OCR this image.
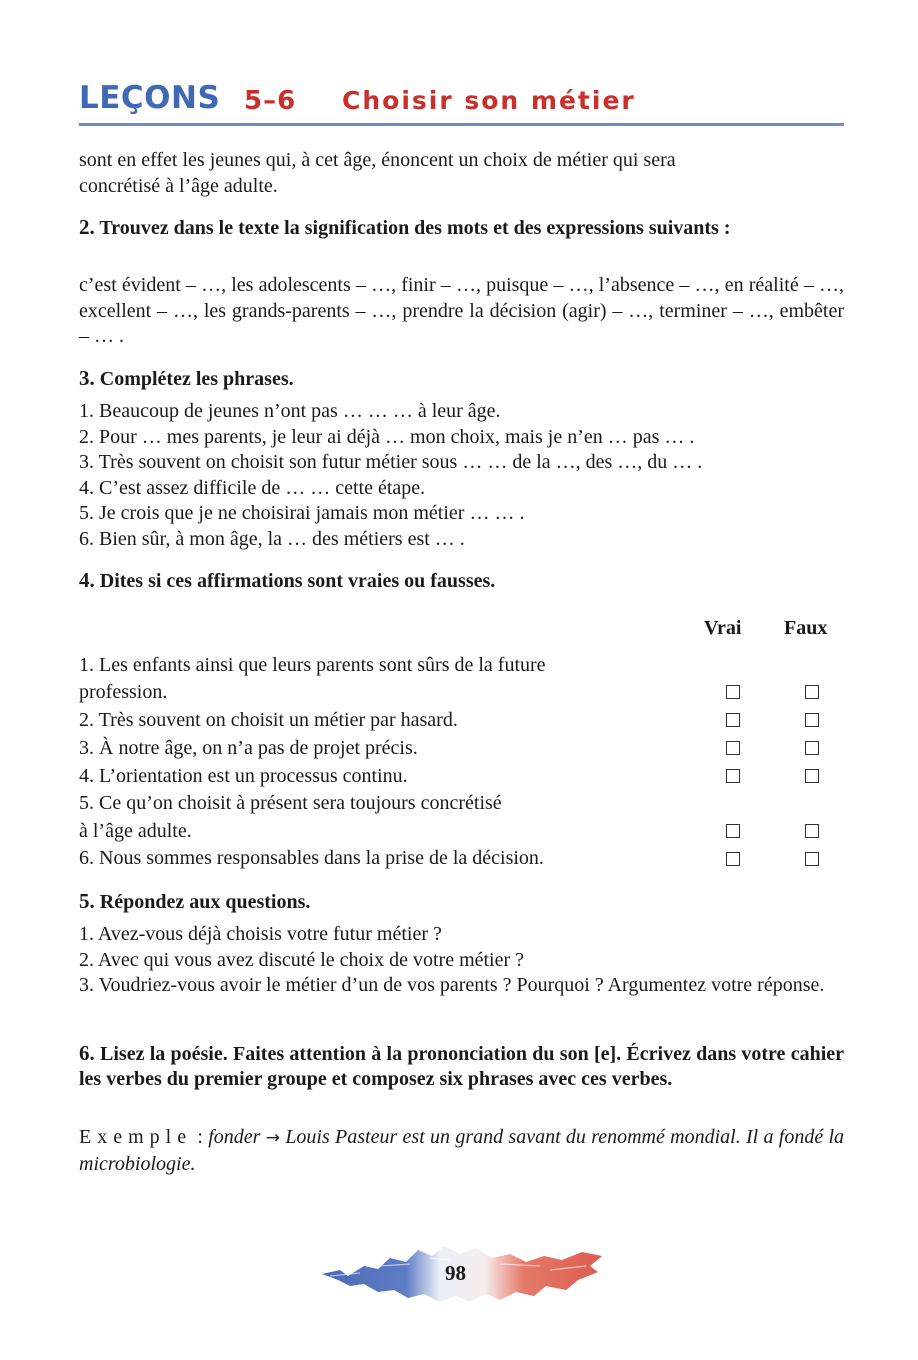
LEÇONS 5–6 Choisir son métier
sont en effet les jeunes qui, à cet âge, énoncent un choix de métier qui sera
concrétisé à l’âge adulte.
2. Trouvez dans le texte la signification des mots et des expressions suivants :
c’est évident – …, les adolescents – …, finir – …, puisque – …, l’absence – …, en réalité – …, excellent – …, les grands-parents – …, prendre la décision (agir) – …, terminer – …, embêter – … .
3. Complétez les phrases.
1. Beaucoup de jeunes n’ont pas … … … à leur âge.
2. Pour … mes parents, je leur ai déjà … mon choix, mais je n’en … pas … .
3. Très souvent on choisit son futur métier sous … … de la …, des …, du … .
4. C’est assez difficile de … … cette étape.
5. Je crois que je ne choisirai jamais mon métier … … .
6. Bien sûr, à mon âge, la … des métiers est … .
4. Dites si ces affirmations sont vraies ou fausses.
Vrai Faux
1. Les enfants ainsi que leurs parents sont sûrs de la future
profession.
2. Très souvent on choisit un métier par hasard.
3. À notre âge, on n’a pas de projet précis.
4. L’orientation est un processus continu.
5. Ce qu’on choisit à présent sera toujours concrétisé
à l’âge adulte.
6. Nous sommes responsables dans la prise de la décision.
5. Répondez aux questions.
1. Avez-vous déjà choisis votre futur métier ?
2. Avec qui vous avez discuté le choix de votre métier ?
3. Voudriez-vous avoir le métier d’un de vos parents ? Pourquoi ? Argumentez votre réponse.
6. Lisez la poésie. Faites attention à la prononciation du son [e]. Écrivez dans votre cahier les verbes du premier groupe et composez six phrases avec ces verbes.
Exemple : fonder → Louis Pasteur est un grand savant du renommé mondial. Il a fondé la microbiologie.
98
